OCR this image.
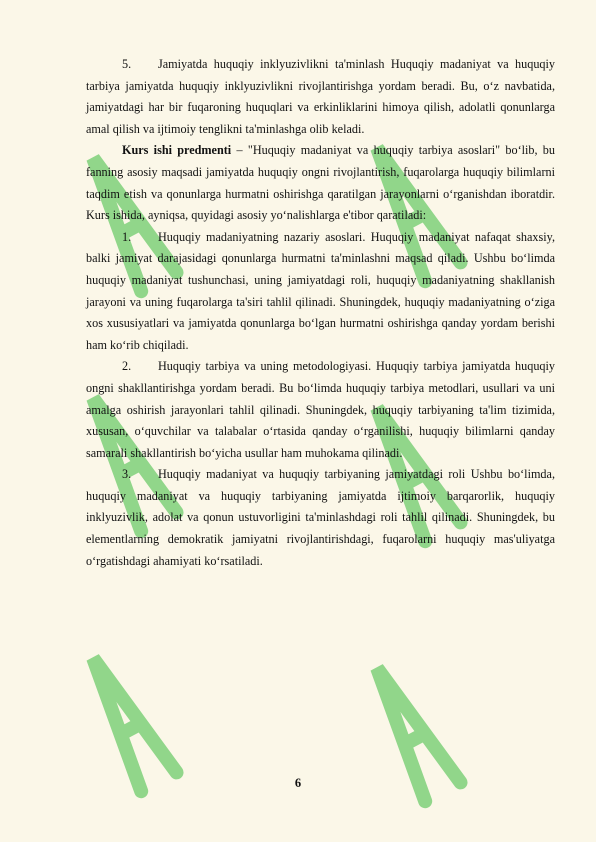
5. Jamiyatda huquqiy inklyuzivlikni ta'minlash Huquqiy madaniyat va huquqiy tarbiya jamiyatda huquqiy inklyuzivlikni rivojlantirishga yordam beradi. Bu, o‘z navbatida, jamiyatdagi har bir fuqaroning huquqlari va erkinliklarini himoya qilish, adolatli qonunlarga amal qilish va ijtimoiy tenglikni ta'minlashga olib keladi.

Kurs ishi predmenti – "Huquqiy madaniyat va huquqiy tarbiya asoslari" bo‘lib, bu fanning asosiy maqsadi jamiyatda huquqiy ongni rivojlantirish, fuqarolarga huquqiy bilimlarni taqdim etish va qonunlarga hurmatni oshirishga qaratilgan jarayonlarni o‘rganishdan iboratdir. Kurs ishida, ayniqsa, quyidagi asosiy yo‘nalishlarga e'tibor qaratiladi:

1. Huquqiy madaniyatning nazariy asoslari. Huquqiy madaniyat nafaqat shaxsiy, balki jamiyat darajasidagi qonunlarga hurmatni ta'minlashni maqsad qiladi. Ushbu bo‘limda huquqiy madaniyat tushunchasi, uning jamiyatdagi roli, huquqiy madaniyatning shakllanish jarayoni va uning fuqarolarga ta'siri tahlil qilinadi. Shuningdek, huquqiy madaniyatning o‘ziga xos xususiyatlari va jamiyatda qonunlarga bo‘lgan hurmatni oshirishga qanday yordam berishi ham ko‘rib chiqiladi.

2. Huquqiy tarbiya va uning metodologiyasi. Huquqiy tarbiya jamiyatda huquqiy ongni shakllantirishga yordam beradi. Bu bo‘limda huquqiy tarbiya metodlari, usullari va uni amalga oshirish jarayonlari tahlil qilinadi. Shuningdek, huquqiy tarbiyaning ta'lim tizimida, xususan, o‘quvchilar va talabalar o‘rtasida qanday o‘rganilishi, huquqiy bilimlarni qanday samarali shakllantirish bo‘yicha usullar ham muhokama qilinadi.

3. Huquqiy madaniyat va huquqiy tarbiyaning jamiyatdagi roli Ushbu bo‘limda, huquqiy madaniyat va huquqiy tarbiyaning jamiyatda ijtimoiy barqarorlik, huquqiy inklyuzivlik, adolat va qonun ustuvorligini ta'minlashdagi roli tahlil qilinadi. Shuningdek, bu elementlarning demokratik jamiyatni rivojlantirishdagi, fuqarolarni huquqiy mas'uliyatga o‘rgatishdagi ahamiyati ko‘rsatiladi.

6
